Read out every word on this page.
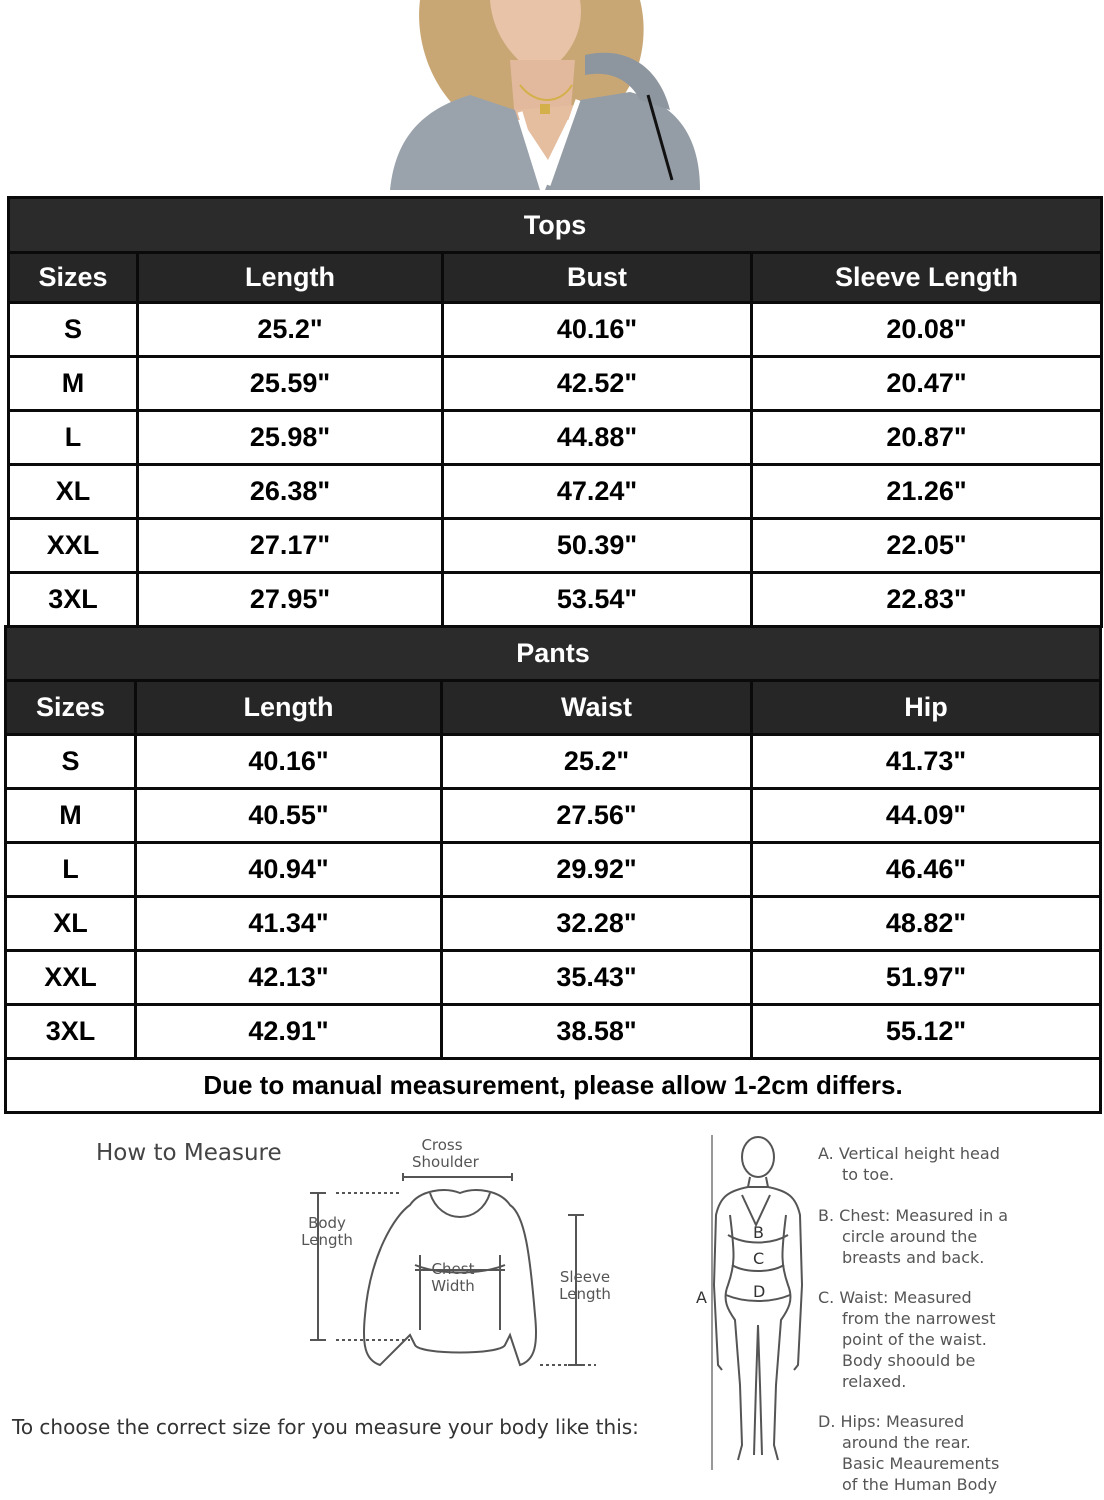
Tops			
Sizes	Length	Bust	Sleeve Length
S	25.2"	40.16"	20.08"
M	25.59"	42.52"	20.47"
L	25.98"	44.88"	20.87"
XL	26.38"	47.24"	21.26"
XXL	27.17"	50.39"	22.05"
3XL	27.95"	53.54"	22.83"
Pants			
Sizes	Length	Waist	Hip
S	40.16"	25.2"	41.73"
M	40.55"	27.56"	44.09"
L	40.94"	29.92"	46.46"
XL	41.34"	32.28"	48.82"
XXL	42.13"	35.43"	51.97"
3XL	42.91"	38.58"	55.12"
Due to manual measurement, please allow 1-2cm differs.			
How to Measure	Cross
Shoulder
Body
Length
Chest
Width	Sleeve
Length	A
B
C
D
To choose the correct size for you measure your body like this:
A. Vertical height head
to toe.
B. Chest: Measured in a
circle around the
breasts and back.
C. Waist: Measured
from the narrowest
point of the waist.
Body shoould be
relaxed.
D. Hips: Measured
around the rear.
Basic Meaurements
of the Human Body
